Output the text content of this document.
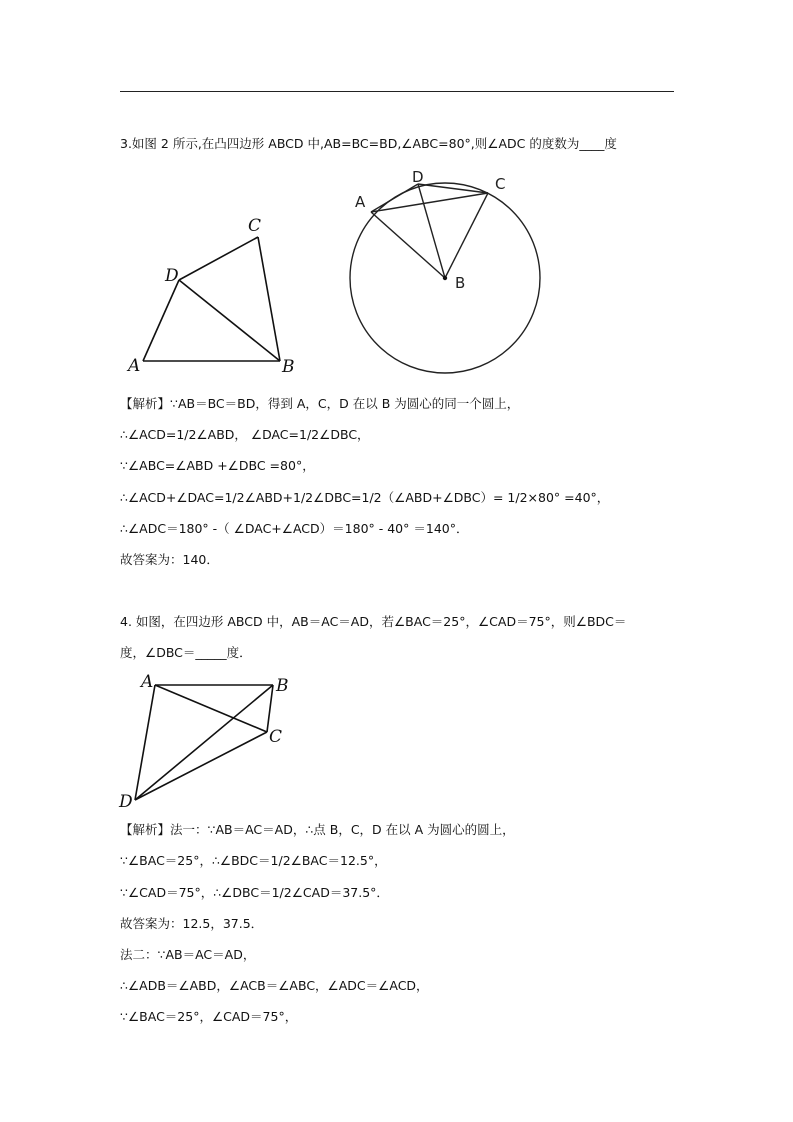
3.如图 2 所示,在凸四边形 ABCD 中,AB=BC=BD,∠ABC=80°,则∠ADC 的度数为____度
A	B
C
D
A
D	C
B
【解析】∵AB＝BC＝BD，得到 A，C，D 在以 B 为圆心的同一个圆上，
∴∠ACD=1/2∠ABD， ∠DAC=1/2∠DBC，
∵∠ABC=∠ABD +∠DBC =80°，
∴∠ACD+∠DAC=1/2∠ABD+1/2∠DBC=1/2（∠ABD+∠DBC）= 1/2×80° =40°，
∴∠ADC＝180° -（ ∠DAC+∠ACD）＝180° - 40° ＝140°．
故答案为：140．
4. 如图，在四边形 ABCD 中，AB＝AC＝AD，若∠BAC＝25°，∠CAD＝75°，则∠BDC＝
度，∠DBC＝_____度．
A	B
C
D
【解析】法一：∵AB＝AC＝AD，∴点 B，C，D 在以 A 为圆心的圆上，
∵∠BAC＝25°，∴∠BDC＝1/2∠BAC＝12.5°，
∵∠CAD＝75°，∴∠DBC＝1/2∠CAD＝37.5°．
故答案为：12.5，37.5．
法二：∵AB＝AC＝AD，
∴∠ADB＝∠ABD，∠ACB＝∠ABC，∠ADC＝∠ACD，
∵∠BAC＝25°，∠CAD＝75°，
